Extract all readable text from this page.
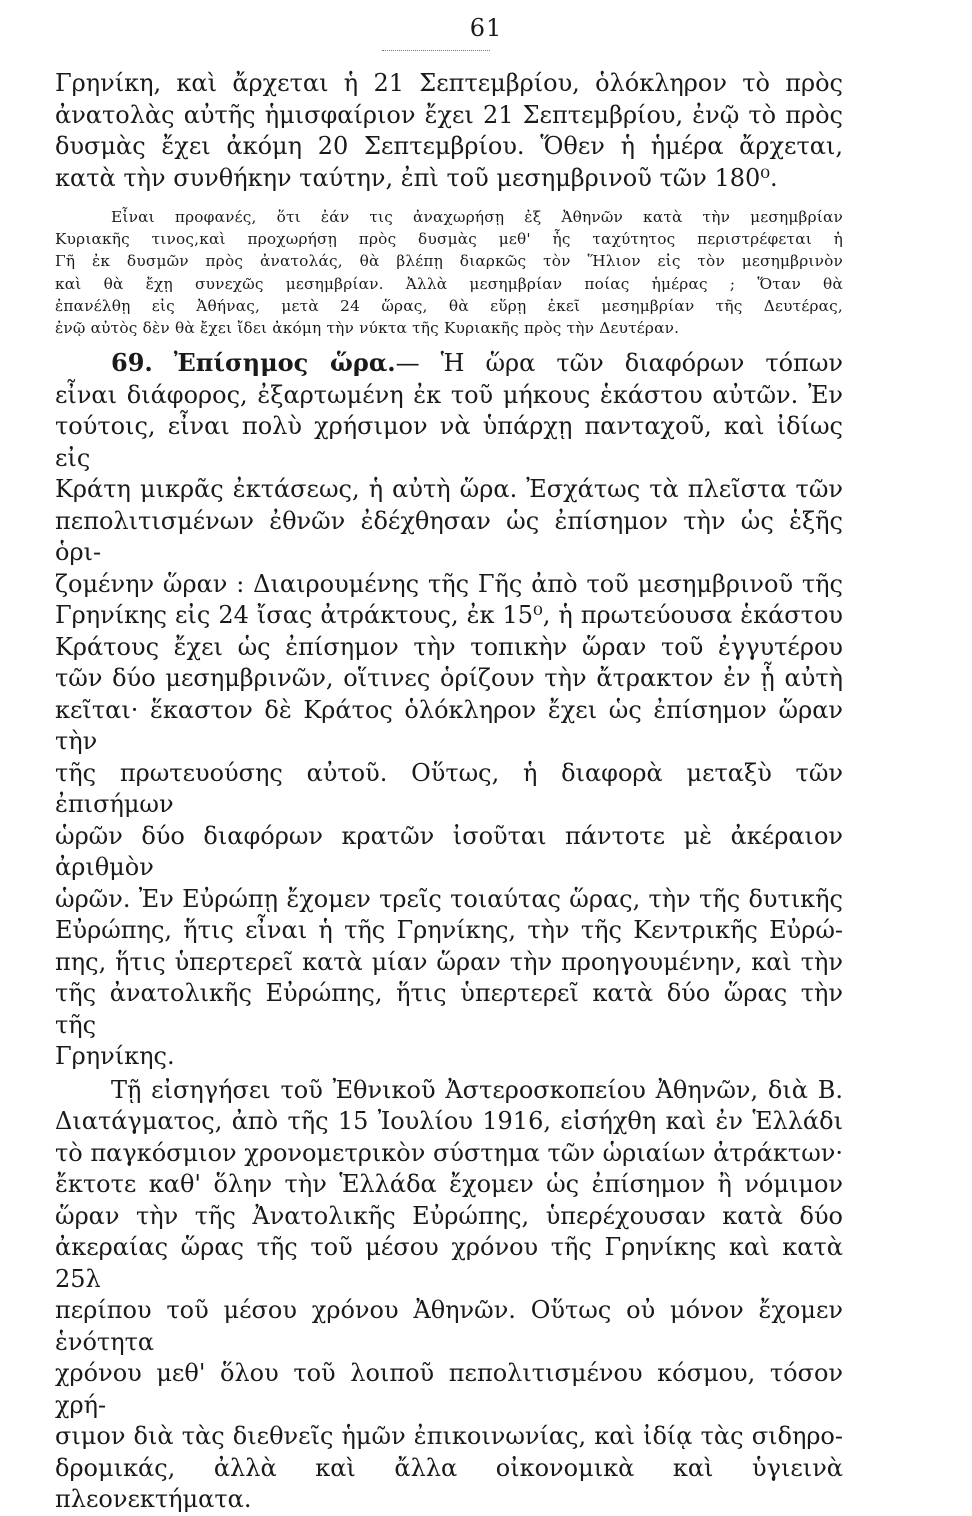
61

Γρηνίκη, καὶ ἄρχεται ἡ 21 Σεπτεμβρίου, ὁλόκληρον τὸ πρὸς

ἀνατολὰς αὐτῆς ἡμισφαίριον ἔχει 21 Σεπτεμβρίου, ἐνῷ τὸ πρὸς

δυσμὰς ἔχει ἀκόμη 20 Σεπτεμβρίου. Ὅθεν ἡ ἡμέρα ἄρχεται,

κατὰ τὴν συνθήκην ταύτην, ἐπὶ τοῦ μεσημβρινοῦ τῶν 180⁰.

Εἶναι προφανές, ὅτι ἐάν τις ἀναχωρήσῃ ἐξ Ἀθηνῶν κατὰ τὴν μεσημβρίαν

Κυριακῆς τινος,καὶ προχωρήσῃ πρὸς δυσμὰς μεθ' ἧς ταχύτητος περιστρέφεται ἡ

Γῆ ἐκ δυσμῶν πρὸς ἀνατολάς, θὰ βλέπῃ διαρκῶς τὸν Ἥλιον εἰς τὸν μεσημβρινὸν

καὶ θὰ ἔχῃ συνεχῶς μεσημβρίαν. Ἀλλὰ μεσημβρίαν ποίας ἡμέρας ; Ὅταν θὰ

ἐπανέλθῃ εἰς Ἀθήνας, μετὰ 24 ὥρας, θὰ εὕρῃ ἐκεῖ μεσημβρίαν τῆς Δευτέρας,

ἐνῷ αὐτὸς δὲν θὰ ἔχει ἴδει ἀκόμη τὴν νύκτα τῆς Κυριακῆς πρὸς τὴν Δευτέραν.

69. Ἐπίσημος ὥρα.— Ἡ ὥρα τῶν διαφόρων τόπων

εἶναι διάφορος, ἐξαρτωμένη ἐκ τοῦ μήκους ἑκάστου αὐτῶν. Ἐν

τούτοις, εἶναι πολὺ χρήσιμον νὰ ὑπάρχῃ πανταχοῦ, καὶ ἰδίως εἰς

Κράτη μικρᾶς ἐκτάσεως, ἡ αὐτὴ ὥρα. Ἐσχάτως τὰ πλεῖστα τῶν

πεπολιτισμένων ἐθνῶν ἐδέχθησαν ὡς ἐπίσημον τὴν ὡς ἑξῆς ὁρι-

ζομένην ὥραν : Διαιρουμένης τῆς Γῆς ἀπὸ τοῦ μεσημβρινοῦ τῆς

Γρηνίκης εἰς 24 ἴσας ἀτράκτους, ἐκ 15⁰, ἡ πρωτεύουσα ἑκάστου

Κράτους ἔχει ὡς ἐπίσημον τὴν τοπικὴν ὥραν τοῦ ἐγγυτέρου

τῶν δύο μεσημβρινῶν, οἵτινες ὁρίζουν τὴν ἄτρακτον ἐν ᾗ αὐτὴ

κεῖται· ἕκαστον δὲ Κράτος ὁλόκληρον ἔχει ὡς ἐπίσημον ὥραν τὴν

τῆς πρωτευούσης αὐτοῦ. Οὕτως, ἡ διαφορὰ μεταξὺ τῶν ἐπισήμων

ὡρῶν δύο διαφόρων κρατῶν ἰσοῦται πάντοτε μὲ ἀκέραιον ἀριθμὸν

ὡρῶν. Ἐν Εὐρώπῃ ἔχομεν τρεῖς τοιαύτας ὥρας, τὴν τῆς δυτικῆς

Εὐρώπης, ἥτις εἶναι ἡ τῆς Γρηνίκης, τὴν τῆς Κεντρικῆς Εὐρώ-

πης, ἥτις ὑπερτερεῖ κατὰ μίαν ὥραν τὴν προηγουμένην, καὶ τὴν

τῆς ἀνατολικῆς Εὐρώπης, ἥτις ὑπερτερεῖ κατὰ δύο ὥρας τὴν τῆς

Γρηνίκης.

Τῇ εἰσηγήσει τοῦ Ἐθνικοῦ Ἀστεροσκοπείου Ἀθηνῶν, διὰ Β.

Διατάγματος, ἀπὸ τῆς 15 Ἰουλίου 1916, εἰσήχθη καὶ ἐν Ἑλλάδι

τὸ παγκόσμιον χρονομετρικὸν σύστημα τῶν ὡριαίων ἀτράκτων·

ἔκτοτε καθ' ὅλην τὴν Ἑλλάδα ἔχομεν ὡς ἐπίσημον ἢ νόμιμον

ὥραν τὴν τῆς Ἀνατολικῆς Εὐρώπης, ὑπερέχουσαν κατὰ δύο

ἀκεραίας ὥρας τῆς τοῦ μέσου χρόνου τῆς Γρηνίκης καὶ κατὰ 25λ

περίπου τοῦ μέσου χρόνου Ἀθηνῶν. Οὕτως οὐ μόνον ἔχομεν ἑνότητα

χρόνου μεθ' ὅλου τοῦ λοιποῦ πεπολιτισμένου κόσμου, τόσον χρή-

σιμον διὰ τὰς διεθνεῖς ἡμῶν ἐπικοινωνίας, καὶ ἰδίᾳ τὰς σιδηρο-

δρομικάς, ἀλλὰ καὶ ἄλλα οἰκονομικὰ καὶ ὑγιεινὰ πλεονεκτήματα.
